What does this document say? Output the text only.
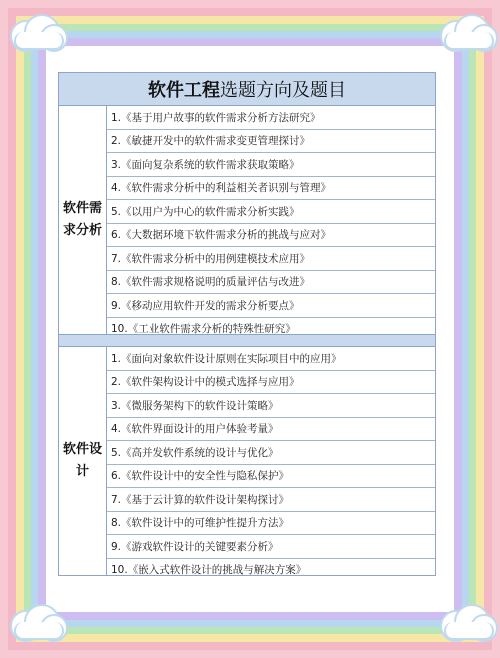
软件工程 选题方向及题目
软件需求分析
1.《基于用户故事的软件需求分析方法研究》
2.《敏捷开发中的软件需求变更管理探讨》
3.《面向复杂系统的软件需求获取策略》
4.《软件需求分析中的利益相关者识别与管理》
5.《以用户为中心的软件需求分析实践》
6.《大数据环境下软件需求分析的挑战与应对》
7.《软件需求分析中的用例建模技术应用》
8.《软件需求规格说明的质量评估与改进》
9.《移动应用软件开发的需求分析要点》
10.《工业软件需求分析的特殊性研究》
软件设计
1.《面向对象软件设计原则在实际项目中的应用》
2.《软件架构设计中的模式选择与应用》
3.《微服务架构下的软件设计策略》
4.《软件界面设计的用户体验考量》
5.《高并发软件系统的设计与优化》
6.《软件设计中的安全性与隐私保护》
7.《基于云计算的软件设计架构探讨》
8.《软件设计中的可维护性提升方法》
9.《游戏软件设计的关键要素分析》
10.《嵌入式软件设计的挑战与解决方案》
